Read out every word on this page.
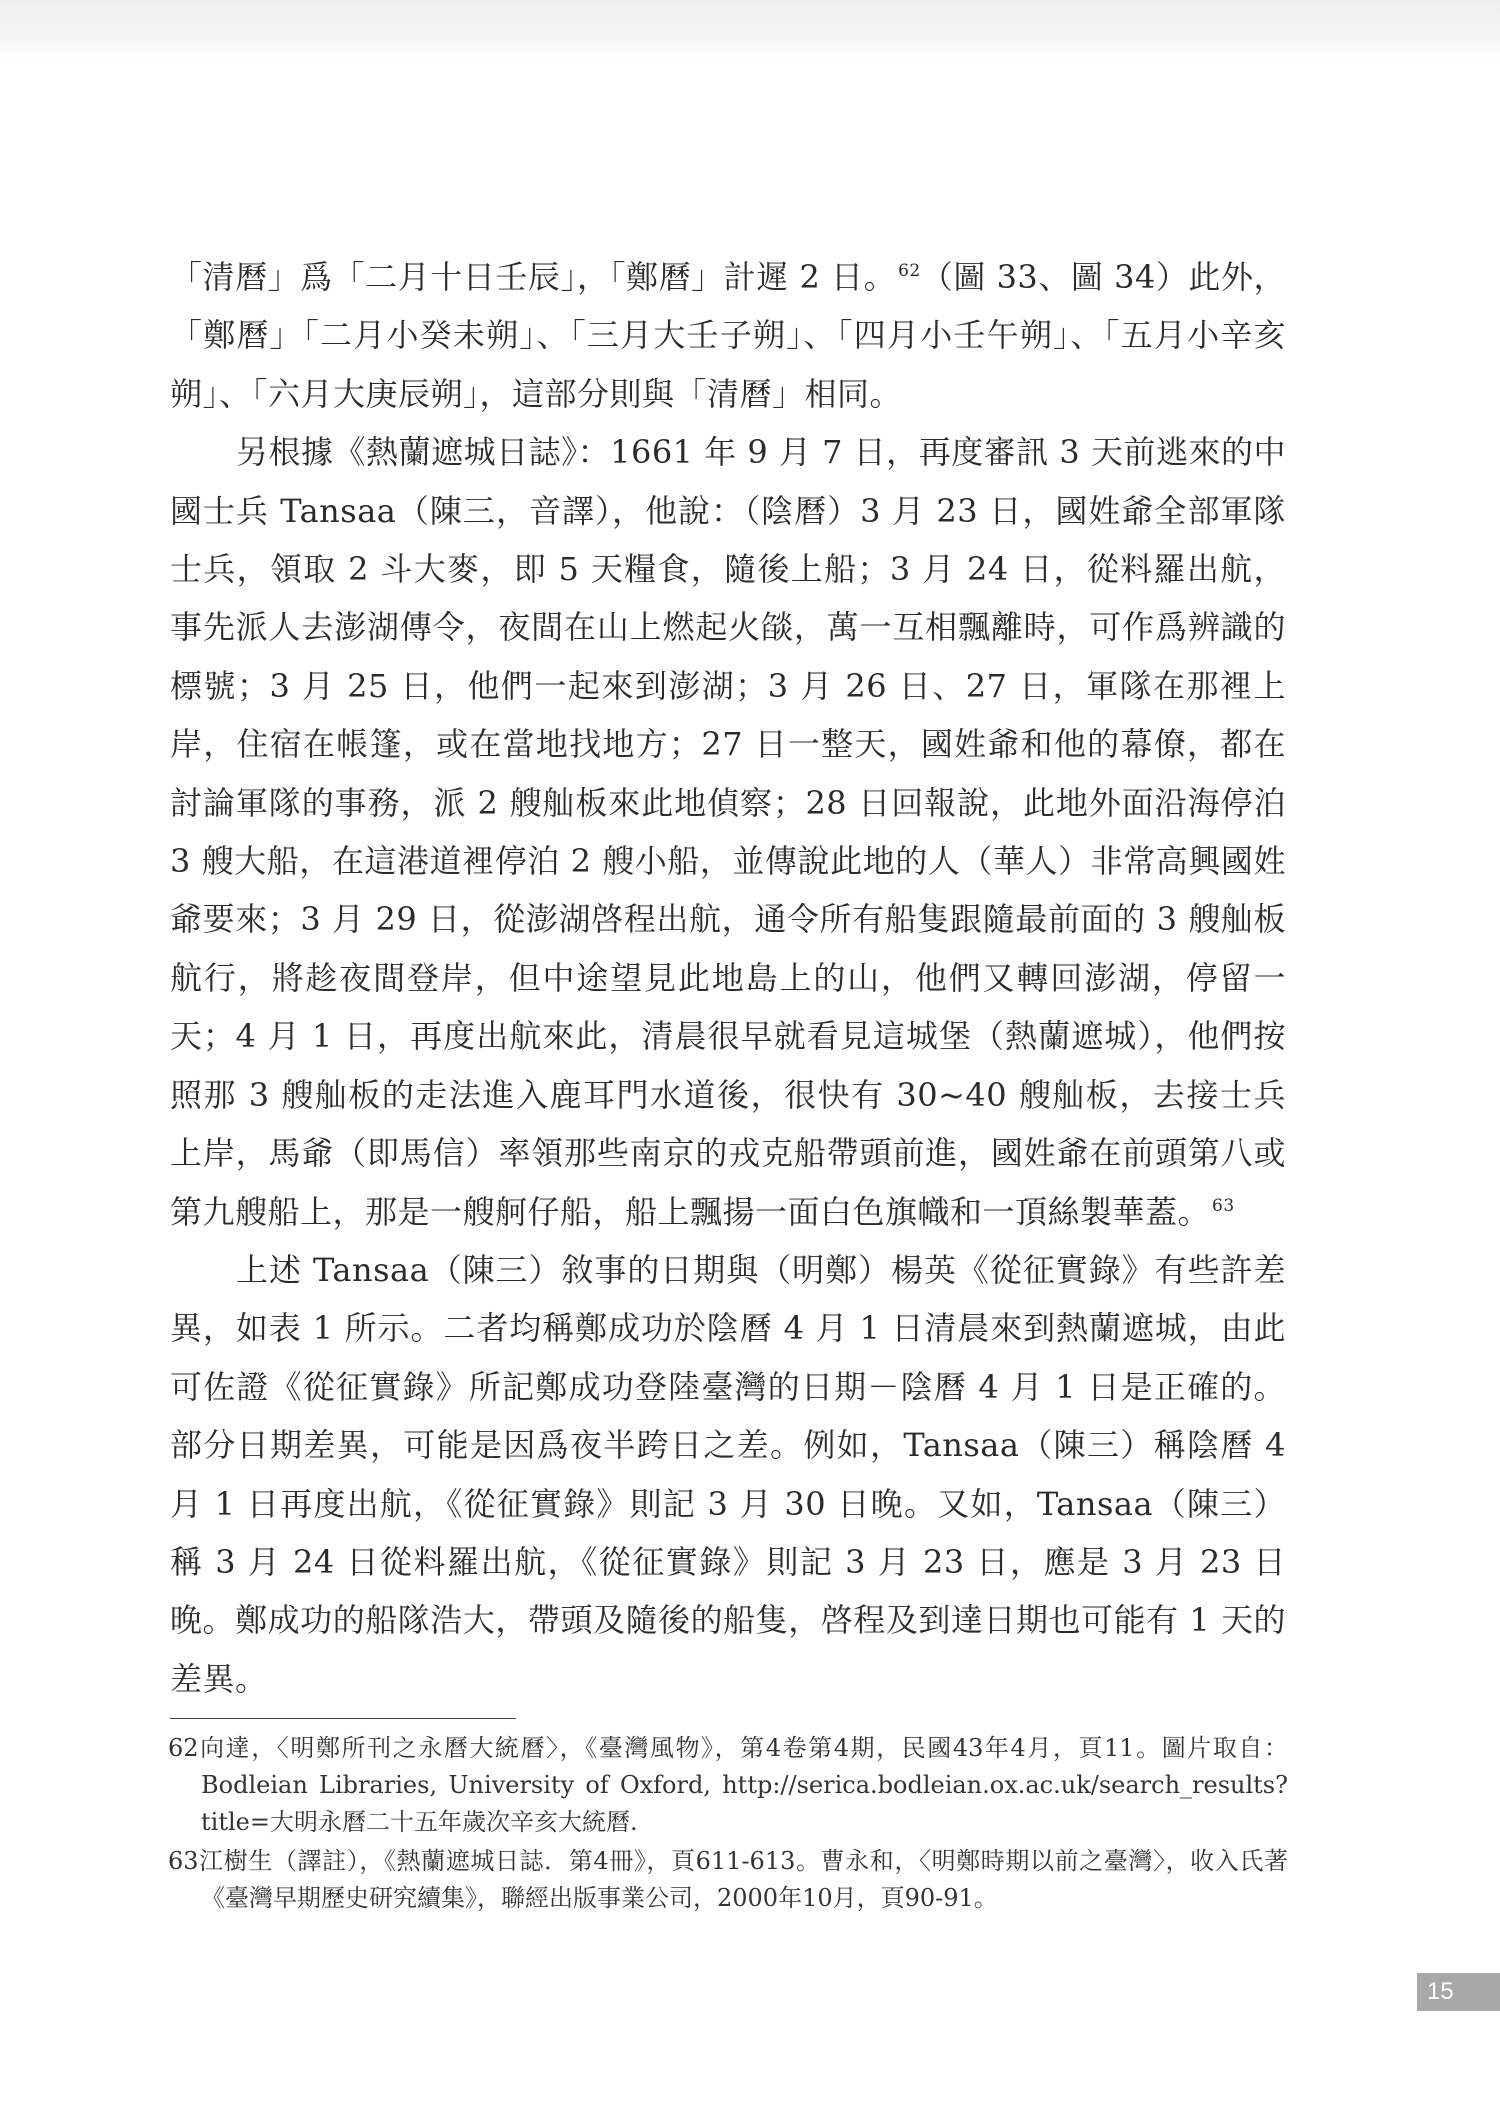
「清曆」爲「二月十日壬辰」，「鄭曆」計遲 2 日。 $^{62}$（圖 33、圖 34）此外，「鄭曆」「二月小癸未朔」、「三月大壬子朔」、「四月小壬午朔」、「五月小辛亥朔」、「六月大庚辰朔」，這部分則與「清曆」相同。

另根據《熱蘭遮城日誌》：1661 年 9 月 7 日，再度審訊 3 天前逃來的中國士兵 Tansaa（陳三，音譯），他說：（陰曆）3 月 23 日，國姓爺全部軍隊士兵，領取 2 斗大麥，即 5 天糧食，隨後上船；3 月 24 日，從料羅出航，事先派人去澎湖傳令，夜間在山上燃起火燄，萬一互相飄離時，可作爲辨識的標號；3 月 25 日，他們一起來到澎湖；3 月 26 日、27 日，軍隊在那裡上岸，住宿在帳篷，或在當地找地方；27 日一整天，國姓爺和他的幕僚，都在討論軍隊的事務，派 2 艘舢板來此地偵察；28 日回報說，此地外面沿海停泊 3 艘大船，在這港道裡停泊 2 艘小船，並傳說此地的人（華人）非常高興國姓爺要來；3 月 29 日，從澎湖啓程出航，通令所有船隻跟隨最前面的 3 艘舢板航行，將趁夜間登岸，但中途望見此地島上的山，他們又轉回澎湖，停留一天；4 月 1 日，再度出航來此，清晨很早就看見這城堡（熱蘭遮城），他們按照那 3 艘舢板的走法進入鹿耳門水道後，很快有 30~40 艘舢板，去接士兵上岸，馬爺（即馬信）率領那些南京的戎克船帶頭前進，國姓爺在前頭第八或第九艘船上，那是一艘舸仔船，船上飄揚一面白色旗幟和一頂絲製華蓋。 $^{63}$

上述 Tansaa（陳三）敘事的日期與（明鄭）楊英《從征實錄》有些許差異，如表 1 所示。二者均稱鄭成功於陰曆 4 月 1 日清晨來到熱蘭遮城，由此可佐證《從征實錄》所記鄭成功登陸臺灣的日期－陰曆 4 月 1 日是正確的。部分日期差異，可能是因爲夜半跨日之差。例如，Tansaa（陳三）稱陰曆 4 月 1 日再度出航，《從征實錄》則記 3 月 30 日晚。又如，Tansaa（陳三）稱 3 月 24 日從料羅出航，《從征實錄》則記 3 月 23 日，應是 3 月 23 日晚。鄭成功的船隊浩大，帶頭及隨後的船隻，啓程及到達日期也可能有 1 天的差異。

62向達，〈明鄭所刊之永曆大統曆〉，《臺灣風物》，第4卷第4期，民國43年4月，頁11。圖片取自：Bodleian Libraries, University of Oxford, http://serica.bodleian.ox.ac.uk/search_results?title=大明永曆二十五年歲次辛亥大統曆.

63江樹生（譯註），《熱蘭遮城日誌．第4冊》，頁611-613。曹永和，〈明鄭時期以前之臺灣〉，收入氏著《臺灣早期歷史研究續集》，聯經出版事業公司，2000年10月，頁90-91。

15
